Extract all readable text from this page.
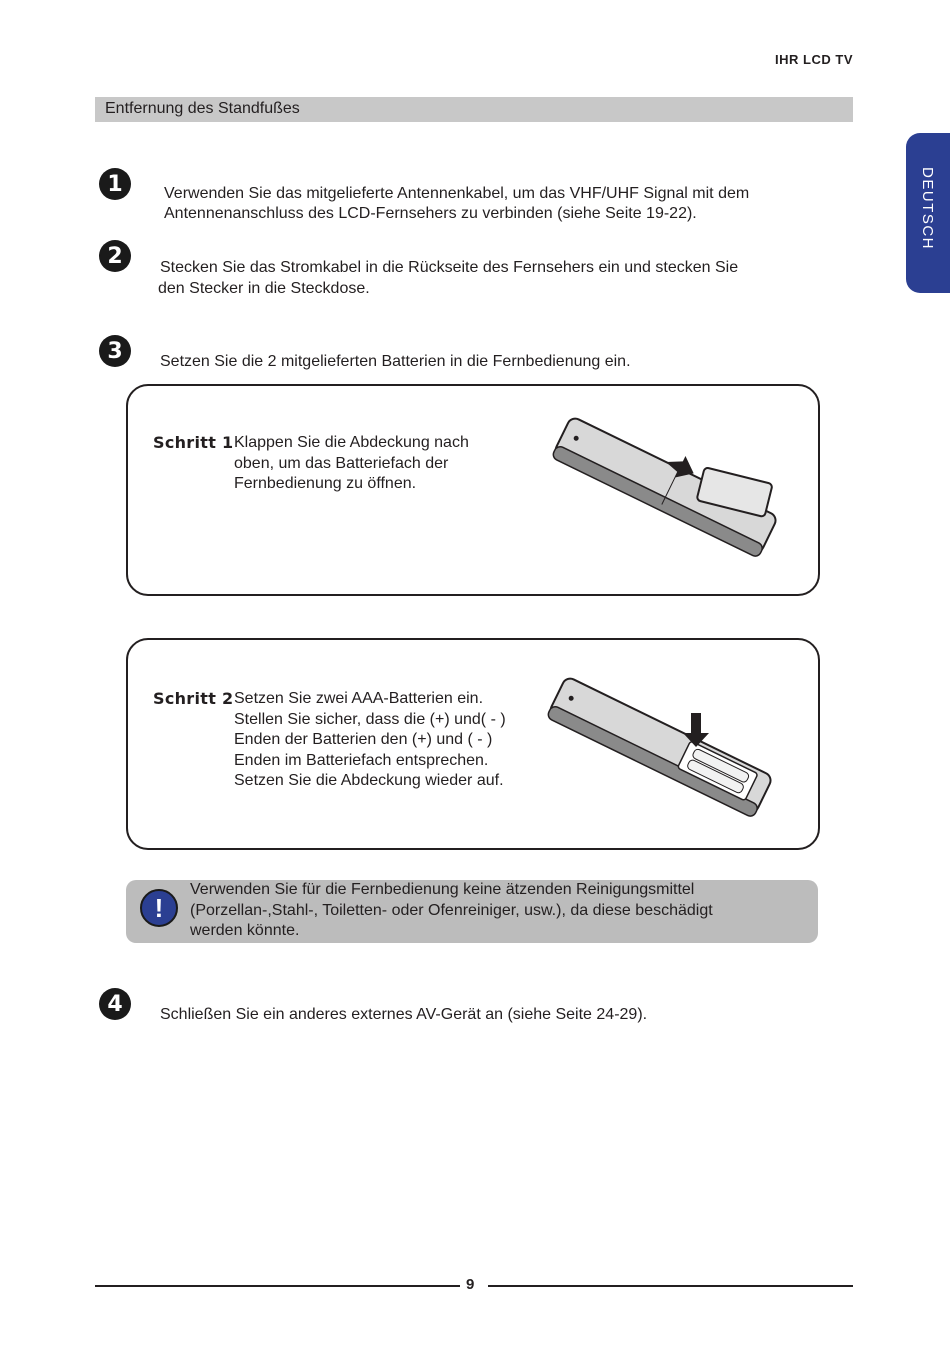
IHR LCD TV
Entfernung des Standfußes
DEUTSCH
1	Verwenden Sie das mitgelieferte Antennenkabel, um das VHF/UHF Signal mit dem
Antennenanschluss des LCD-Fernsehers zu verbinden (siehe Seite 19-22).
2	Stecken Sie das Stromkabel in die Rückseite des Fernsehers ein und stecken Sie
den Stecker in die Steckdose.
3	Setzen Sie die 2 mitgelieferten Batterien in die Fernbedienung ein.
Schritt 1 Klappen Sie die Abdeckung nach
oben, um das Batteriefach der
Fernbedienung zu öffnen.
Schritt 2 Setzen Sie zwei AAA-Batterien ein.
Stellen Sie sicher, dass die (+) und( - )
Enden der Batterien den (+) und ( - )
Enden im Batteriefach entsprechen.
Setzen Sie die Abdeckung wieder auf.
!
Verwenden Sie für die Fernbedienung keine ätzenden Reinigungsmittel
(Porzellan-,Stahl-, Toiletten- oder Ofenreiniger, usw.), da diese beschädigt
werden könnte.
4	Schließen Sie ein anderes externes AV-Gerät an (siehe Seite 24-29).
9
